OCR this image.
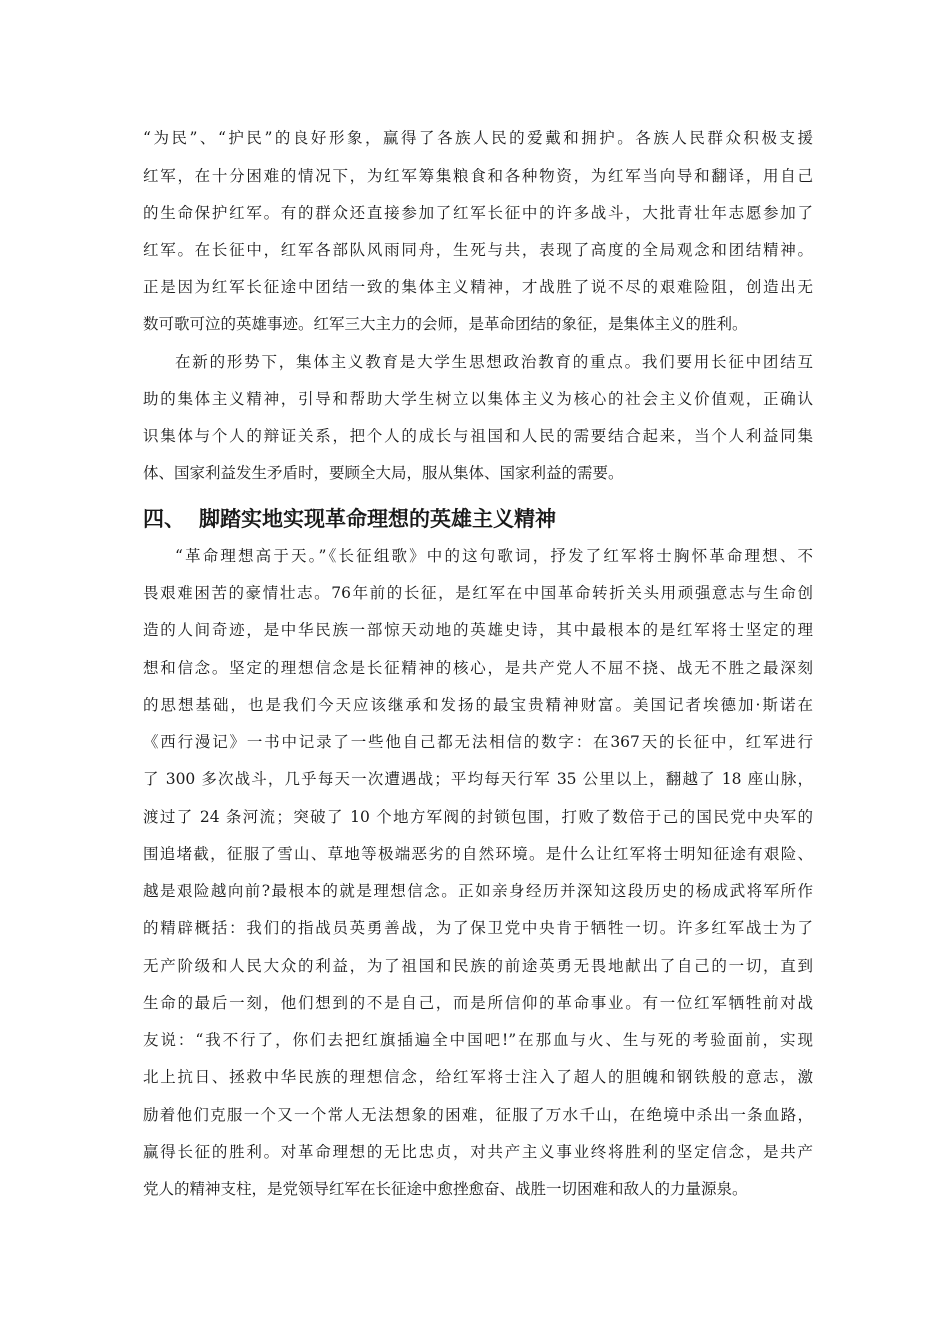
“为民”、“护民”的良好形象，赢得了各族人民的爱戴和拥护。各族人民群众积极支援
红军，在十分困难的情况下，为红军筹集粮食和各种物资，为红军当向导和翻译，用自己
的生命保护红军。有的群众还直接参加了红军长征中的许多战斗，大批青壮年志愿参加了
红军。在长征中，红军各部队风雨同舟，生死与共，表现了高度的全局观念和团结精神。
正是因为红军长征途中团结一致的集体主义精神，才战胜了说不尽的艰难险阻，创造出无
数可歌可泣的英雄事迹。红军三大主力的会师，是革命团结的象征，是集体主义的胜利。
在新的形势下，集体主义教育是大学生思想政治教育的重点。我们要用长征中团结互
助的集体主义精神，引导和帮助大学生树立以集体主义为核心的社会主义价值观，正确认
识集体与个人的辩证关系，把个人的成长与祖国和人民的需要结合起来，当个人利益同集
体、国家利益发生矛盾时，要顾全大局，服从集体、国家利益的需要。
四、 脚踏实地实现革命理想的英雄主义精神
“革命理想高于天。”《长征组歌》中的这句歌词，抒发了红军将士胸怀革命理想、不
畏艰难困苦的豪情壮志。76年前的长征，是红军在中国革命转折关头用顽强意志与生命创
造的人间奇迹，是中华民族一部惊天动地的英雄史诗，其中最根本的是红军将士坚定的理
想和信念。坚定的理想信念是长征精神的核心，是共产党人不屈不挠、战无不胜之最深刻
的思想基础，也是我们今天应该继承和发扬的最宝贵精神财富。美国记者埃德加·斯诺在
《西行漫记》一书中记录了一些他自己都无法相信的数字：在367天的长征中，红军进行
了 300 多次战斗，几乎每天一次遭遇战；平均每天行军 35 公里以上，翻越了 18 座山脉，
渡过了 24 条河流；突破了 10 个地方军阀的封锁包围，打败了数倍于己的国民党中央军的
围追堵截，征服了雪山、草地等极端恶劣的自然环境。是什么让红军将士明知征途有艰险、
越是艰险越向前?最根本的就是理想信念。正如亲身经历并深知这段历史的杨成武将军所作
的精辟概括：我们的指战员英勇善战，为了保卫党中央肯于牺牲一切。许多红军战士为了
无产阶级和人民大众的利益，为了祖国和民族的前途英勇无畏地献出了自己的一切，直到
生命的最后一刻，他们想到的不是自己，而是所信仰的革命事业。有一位红军牺牲前对战
友说：“我不行了，你们去把红旗插遍全中国吧!”在那血与火、生与死的考验面前，实现
北上抗日、拯救中华民族的理想信念，给红军将士注入了超人的胆魄和钢铁般的意志，激
励着他们克服一个又一个常人无法想象的困难，征服了万水千山，在绝境中杀出一条血路，
赢得长征的胜利。对革命理想的无比忠贞，对共产主义事业终将胜利的坚定信念，是共产
党人的精神支柱，是党领导红军在长征途中愈挫愈奋、战胜一切困难和敌人的力量源泉。
